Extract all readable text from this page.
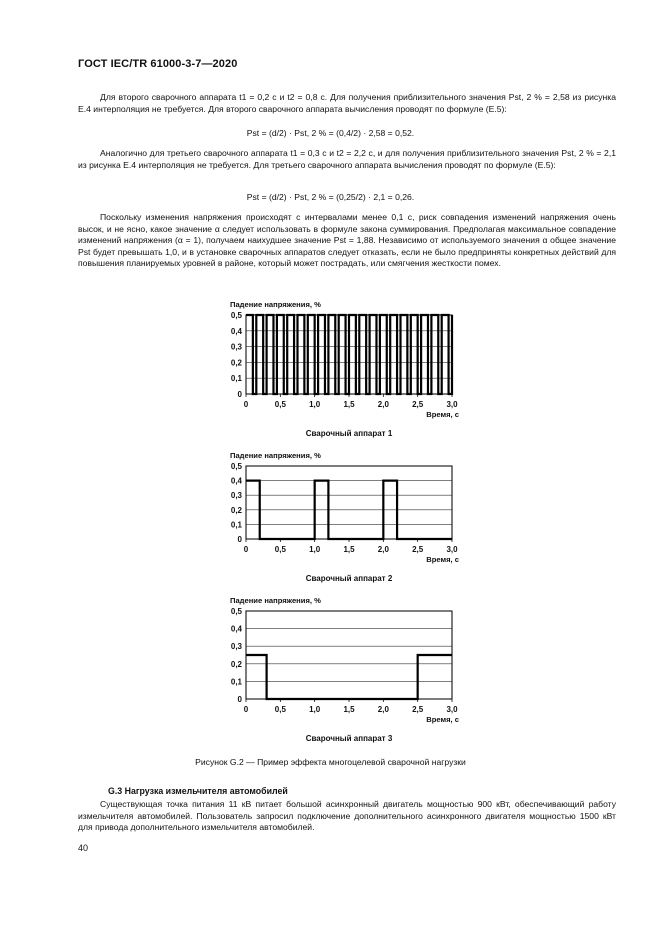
ГОСТ IEC/TR 61000-3-7—2020

Для второго сварочного аппарата t1 = 0,2 с и t2 = 0,8 с. Для получения приблизительного значения Pst, 2 % = 2,58 из рисунка Е.4 интерполяция не требуется. Для второго сварочного аппарата вычисления проводят по формуле (Е.5):

Pst = (d/2) · Pst, 2 % = (0,4/2) · 2,58 = 0,52.

Аналогично для третьего сварочного аппарата t1 = 0,3 с и t2 = 2,2 с, и для получения приблизительного значения Pst, 2 % = 2,1 из рисунка Е.4 интерполяция не требуется. Для третьего сварочного аппарата вычисления проводят по формуле (Е.5):

Pst = (d/2) · Pst, 2 % = (0,25/2) · 2,1 = 0,26.

Поскольку изменения напряжения происходят с интервалами менее 0,1 с, риск совпадения изменений напряжения очень высок, и не ясно, какое значение α следует использовать в формуле закона суммирования. Предполагая максимальное совпадение изменений напряжения (α = 1), получаем наихудшее значение Pst = 1,88. Независимо от используемого значения α общее значение Pst будет превышать 1,0, и в установке сварочных аппаратов следует отказать, если не было предприняты конкретных действий для повышения планируемых уровней в районе, который может пострадать, или смягчения жесткости помех.

0
0,1
0,2
0,3
0,4
0,5
0	0,5	1,0	1,5	2,0	2,5	3,0
Падение напряжения, %
Время, с
Сварочный аппарат 1
0
0,1
0,2
0,3
0,4
0,5
0	0,5	1,0	1,5	2,0	2,5	3,0
Падение напряжения, %
Время, с
Сварочный аппарат 2
0
0,1
0,2
0,3
0,4
0,5
0	0,5	1,0	1,5	2,0	2,5	3,0
Падение напряжения, %
Время, с
Сварочный аппарат 3
Рисунок G.2 — Пример эффекта многоцелевой сварочной нагрузки
G.3 Нагрузка измельчителя автомобилей

Существующая точка питания 11 кВ питает большой асинхронный двигатель мощностью 900 кВт, обеспечивающий работу измельчителя автомобилей. Пользователь запросил подключение дополнительного асинхронного двигателя мощностью 1500 кВт для привода дополнительного измельчителя автомобилей.

40
